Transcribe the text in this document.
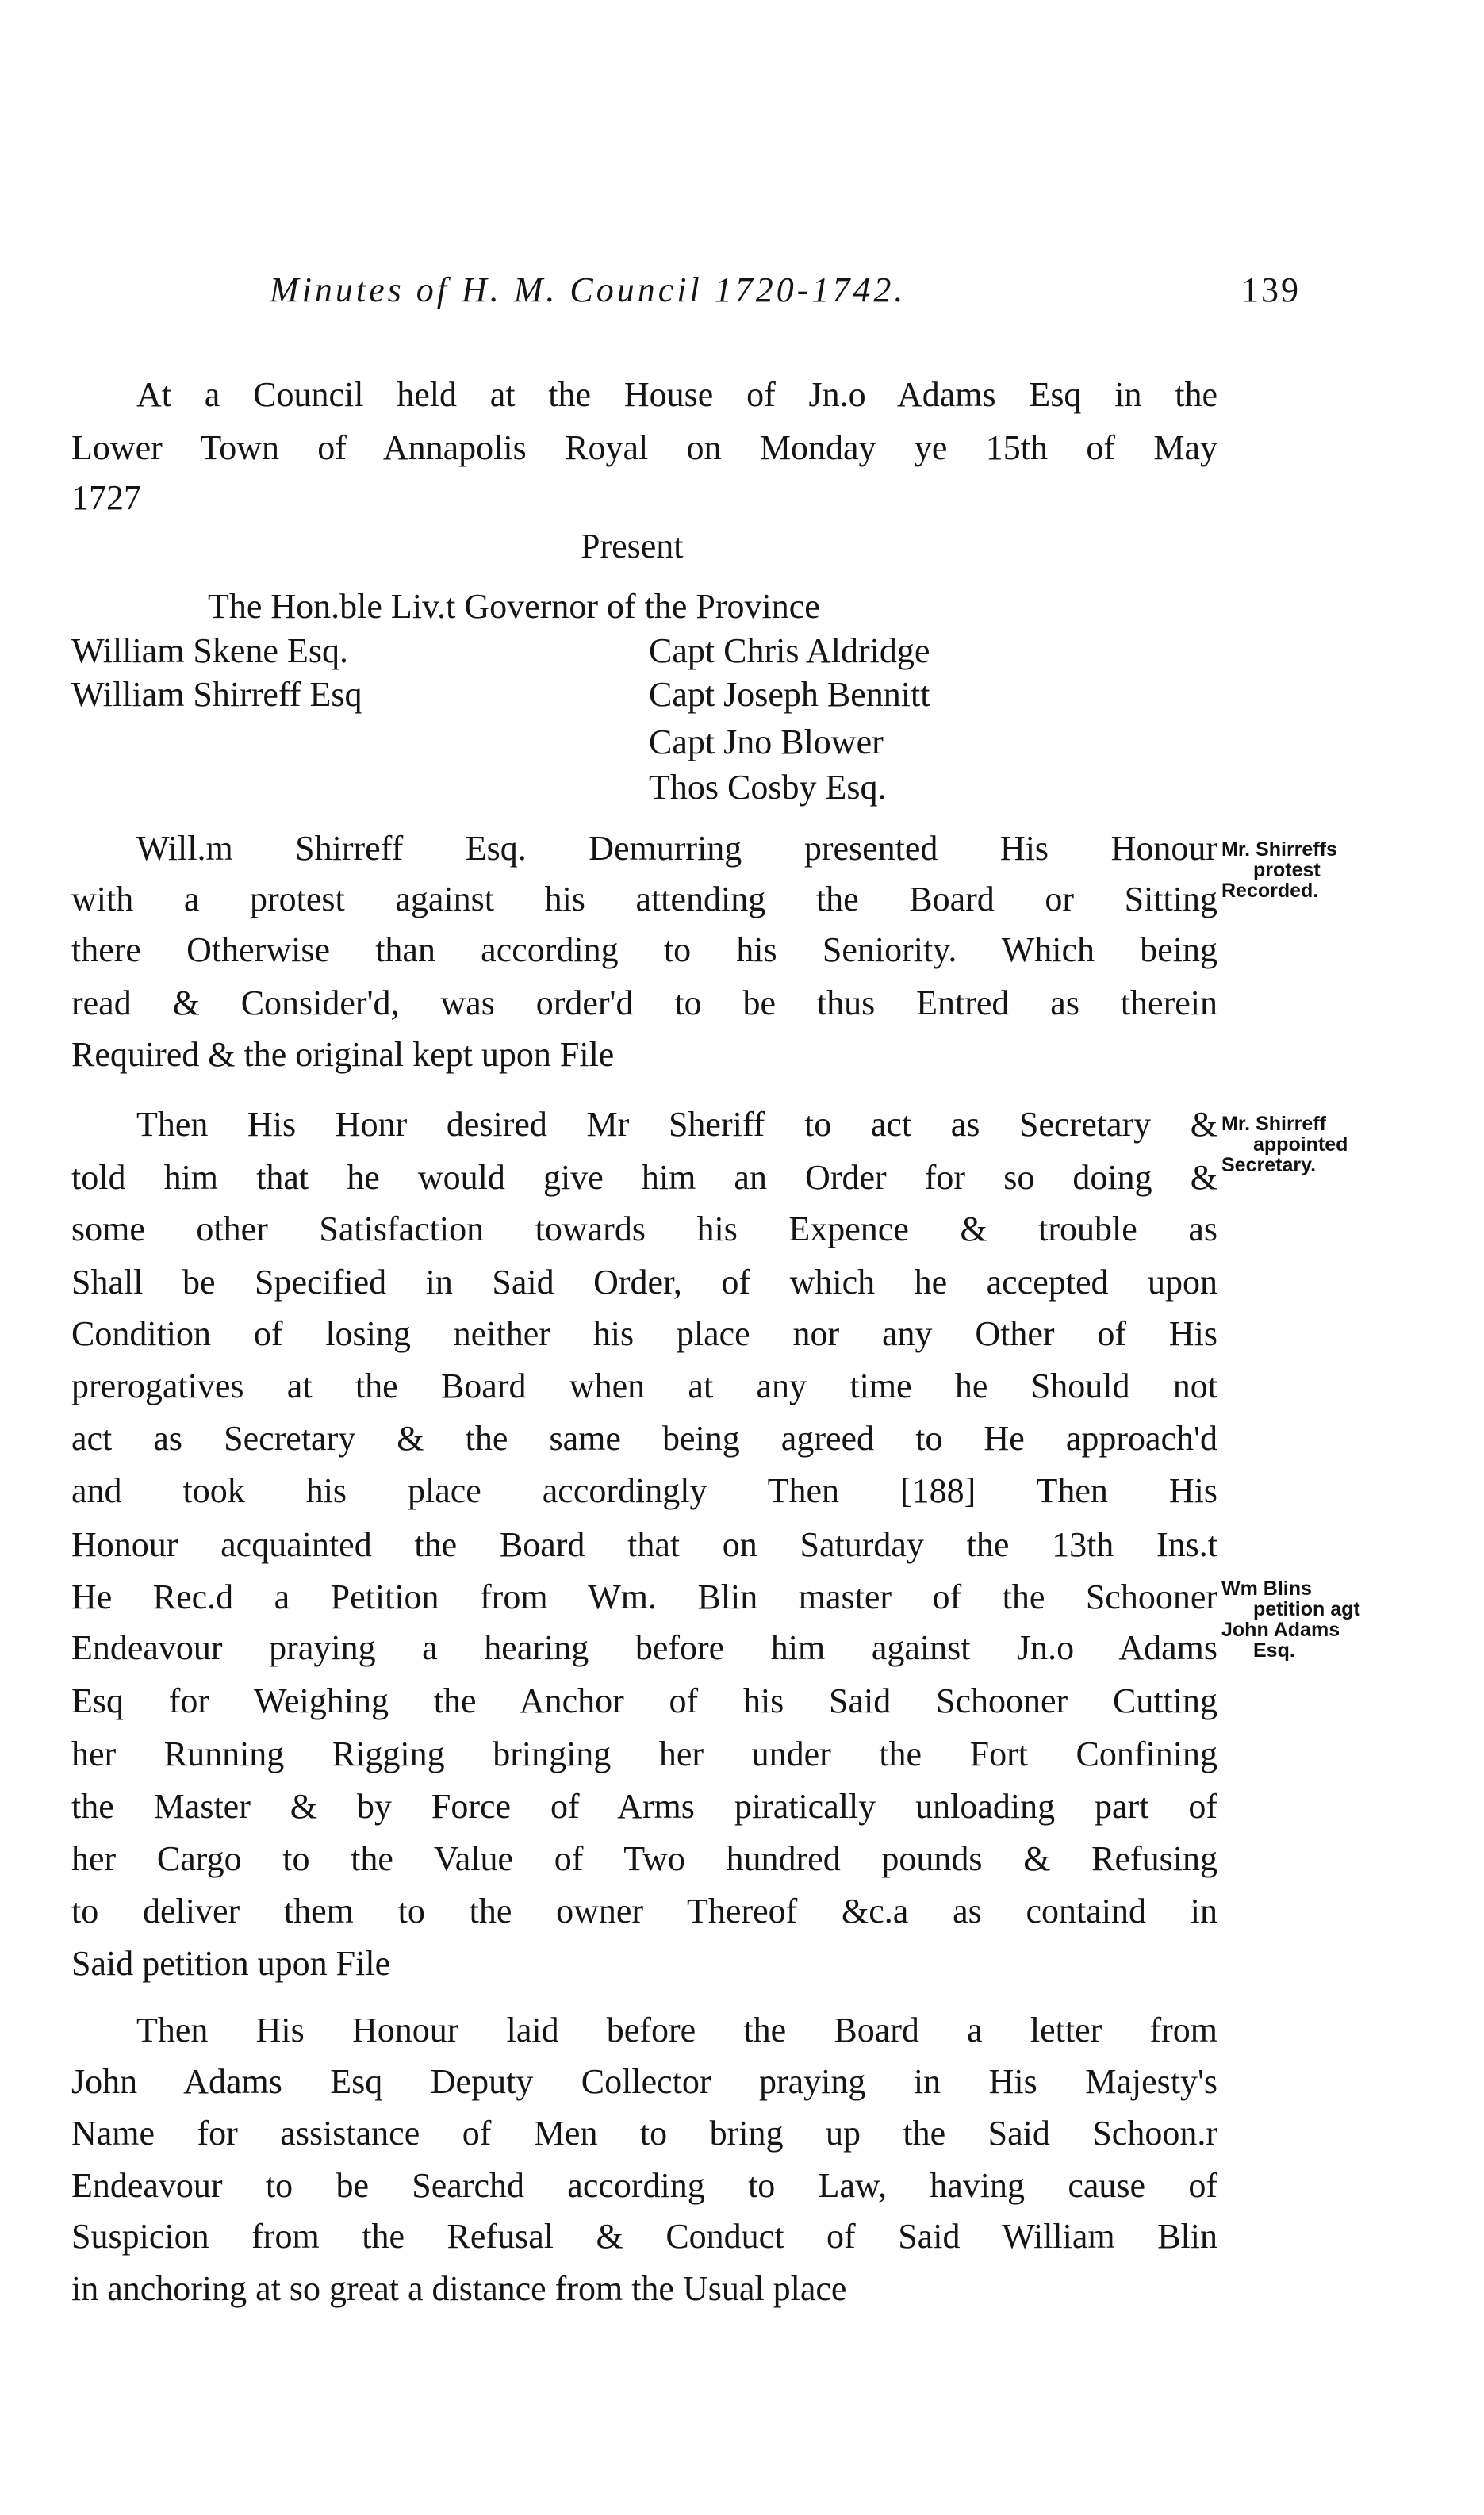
Minutes of H. M. Council 1720-1742.	139
At a Council held at the House of Jn.o Adams Esq in the
Lower Town of Annapolis Royal on Monday ye 15th of May
1727
Present
The Hon.ble Liv.t Governor of the Province
William Skene Esq.
William Shirreff Esq
Capt Chris Aldridge
Capt Joseph Bennitt
Capt Jno Blower
Thos Cosby Esq.
Will.m Shirreff Esq. Demurring presented His Honour
with a protest against his attending the Board or Sitting
there Otherwise than according to his Seniority. Which being
read & Consider'd, was order'd to be thus Entred as therein
Required & the original kept upon File
Then His Honr desired Mr Sheriff to act as Secretary &
told him that he would give him an Order for so doing &
some other Satisfaction towards his Expence & trouble as
Shall be Specified in Said Order, of which he accepted upon
Condition of losing neither his place nor any Other of His
prerogatives at the Board when at any time he Should not
act as Secretary & the same being agreed to He approach'd
and took his place accordingly Then [188] Then His
Honour acquainted the Board that on Saturday the 13th Ins.t
He Rec.d a Petition from Wm. Blin master of the Schooner
Endeavour praying a hearing before him against Jn.o Adams
Esq for Weighing the Anchor of his Said Schooner Cutting
her Running Rigging bringing her under the Fort Confining
the Master & by Force of Arms piratically unloading part of
her Cargo to the Value of Two hundred pounds & Refusing
to deliver them to the owner Thereof &c.a as containd in
Said petition upon File
Then His Honour laid before the Board a letter from
John Adams Esq Deputy Collector praying in His Majesty's
Name for assistance of Men to bring up the Said Schoon.r
Endeavour to be Searchd according to Law, having cause of
Suspicion from the Refusal & Conduct of Said William Blin
in anchoring at so great a distance from the Usual place
Mr. Shirreffs
protest
Recorded.
Mr. Shirreff
appointed
Secretary.
Wm Blins
petition agt
John Adams
Esq.
